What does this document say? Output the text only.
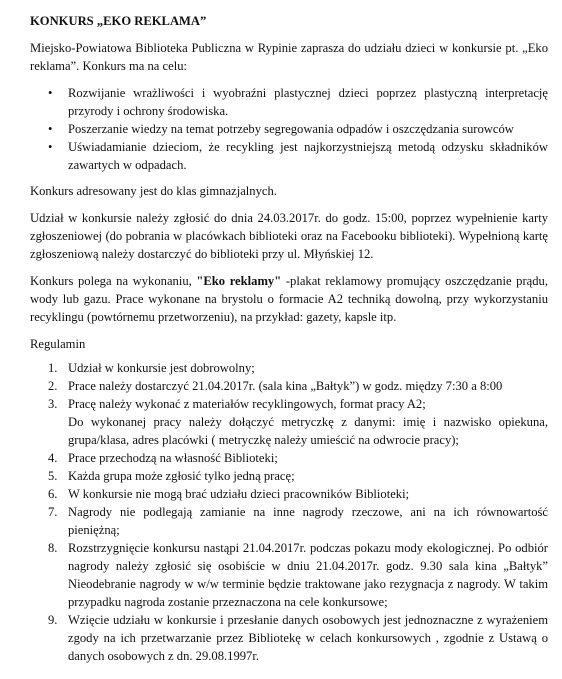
KONKURS „EKO REKLAMA”

Miejsko-Powiatowa Biblioteka Publiczna w Rypinie zaprasza do udziału dzieci w konkursie pt. „Eko reklama”. Konkurs ma na celu:

• Rozwijanie wrażliwości i wyobraźni plastycznej dzieci poprzez plastyczną interpretację przyrody i ochrony środowiska.
• Poszerzanie wiedzy na temat potrzeby segregowania odpadów i oszczędzania surowców
• Uświadamianie dzieciom, że recykling jest najkorzystniejszą metodą odzysku składników zawartych w odpadach.

Konkurs adresowany jest do klas gimnazjalnych.

Udział w konkursie należy zgłosić do dnia 24.03.2017r. do godz. 15:00, poprzez wypełnienie karty zgłoszeniowej (do pobrania w placówkach biblioteki oraz na Facebooku biblioteki). Wypełnioną kartę zgłoszeniową należy dostarczyć do biblioteki przy ul. Młyńskiej 12.

Konkurs polega na wykonaniu, "Eko reklamy" -plakat reklamowy promujący oszczędzanie prądu, wody lub gazu. Prace wykonane na brystolu o formacie A2 techniką dowolną, przy wykorzystaniu recyklingu (powtórnemu przetworzeniu), na przykład: gazety, kapsle itp.

Regulamin
1. Udział w konkursie jest dobrowolny;
2. Prace należy dostarczyć 21.04.2017r. (sala kina „Bałtyk”) w godz. między 7:30 a 8:00
3. Pracę należy wykonać z materiałów recyklingowych, format pracy A2;
Do wykonanej pracy należy dołączyć metryczkę z danymi: imię i nazwisko opiekuna, grupa/klasa, adres placówki ( metryczkę należy umieścić na odwrocie pracy);
4. Prace przechodzą na własność Biblioteki;
5. Każda grupa może zgłosić tylko jedną pracę;
6. W konkursie nie mogą brać udziału dzieci pracowników Biblioteki;
7. Nagrody nie podlegają zamianie na inne nagrody rzeczowe, ani na ich równowartość pieniężną;
8. Rozstrzygnięcie konkursu nastąpi 21.04.2017r. podczas pokazu mody ekologicznej. Po odbiór nagrody należy zgłosić się osobiście w dniu 21.04.2017r. godz. 9.30 sala kina „Bałtyk” Nieodebranie nagrody w w/w terminie będzie traktowane jako rezygnacja z nagrody. W takim przypadku nagroda zostanie przeznaczona na cele konkursowe;
9. Wzięcie udziału w konkursie i przesłanie danych osobowych jest jednoznaczne z wyrażeniem zgody na ich przetwarzanie przez Bibliotekę w celach konkursowych , zgodnie z Ustawą o danych osobowych z dn. 29.08.1997r.
